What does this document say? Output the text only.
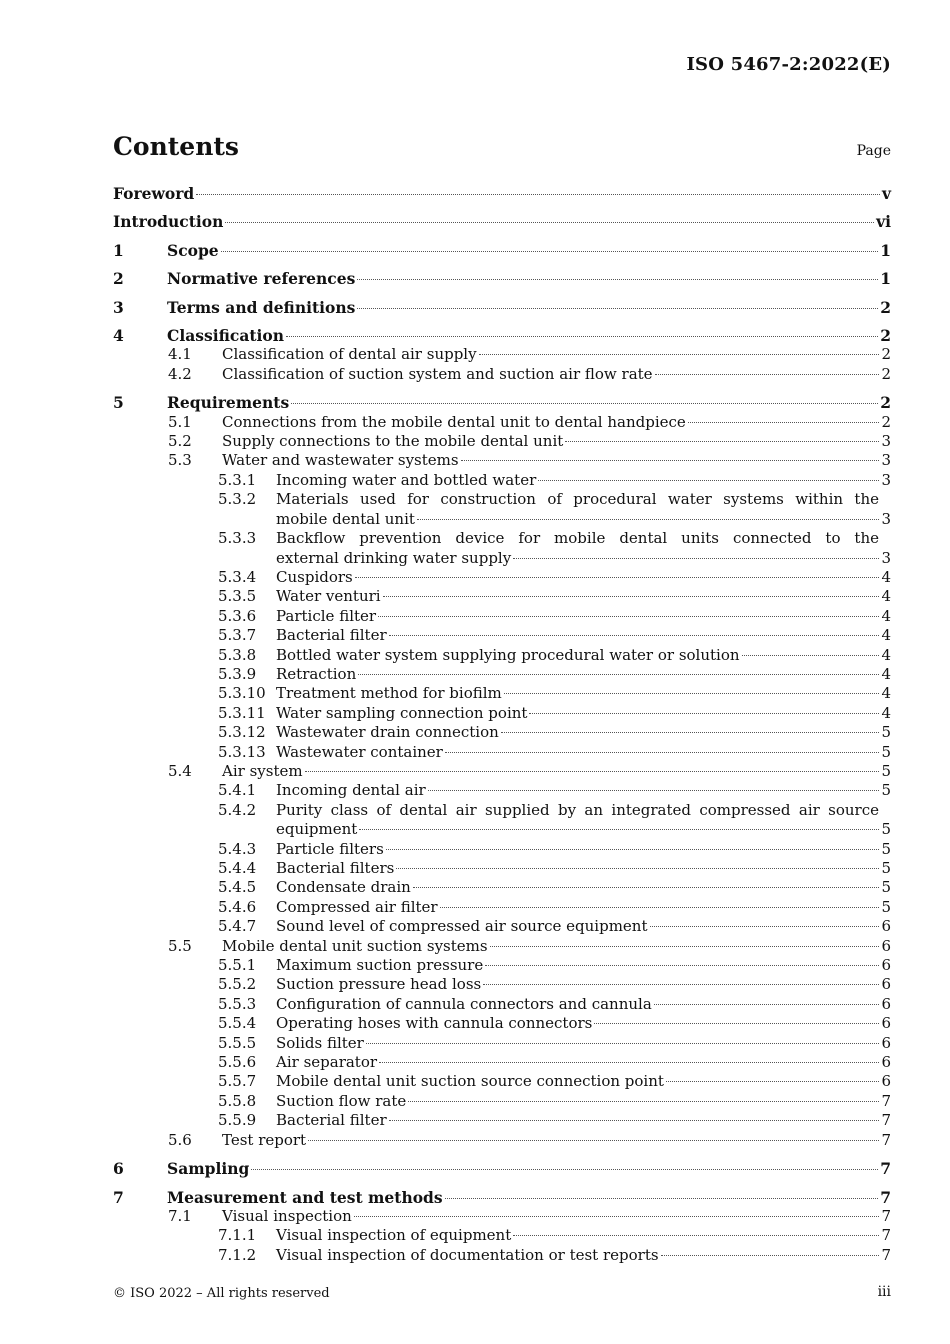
ISO 5467-2:2022(E)
Contents	Page
Foreword	v
Introduction	vi
1	Scope	1
2	Normative references	1
3	Terms and definitions	2
4	Classification	2
4.1 Classification of dental air supply	2
4.2 Classification of suction system and suction air flow rate	2
5	Requirements	2
5.1 Connections from the mobile dental unit to dental handpiece	2
5.2 Supply connections to the mobile dental unit	3
5.3 Water and wastewater systems	3
5.3.1 Incoming water and bottled water	3
5.3.2 Materials used for construction of procedural water systems within the
mobile dental unit	3
5.3.3 Backflow prevention device for mobile dental units connected to the
external drinking water supply	3
5.3.4 Cuspidors	4
5.3.5 Water venturi	4
5.3.6 Particle filter	4
5.3.7 Bacterial filter	4
5.3.8 Bottled water system supplying procedural water or solution	4
5.3.9 Retraction	4
5.3.10 Treatment method for biofilm	4
5.3.11 Water sampling connection point	4
5.3.12 Wastewater drain connection	5
5.3.13 Wastewater container	5
5.4 Air system	5
5.4.1 Incoming dental air	5
5.4.2 Purity class of dental air supplied by an integrated compressed air source
equipment	5
5.4.3 Particle filters	5
5.4.4 Bacterial filters	5
5.4.5 Condensate drain	5
5.4.6 Compressed air filter	5
5.4.7 Sound level of compressed air source equipment	6
5.5 Mobile dental unit suction systems	6
5.5.1 Maximum suction pressure	6
5.5.2 Suction pressure head loss	6
5.5.3 Configuration of cannula connectors and cannula	6
5.5.4 Operating hoses with cannula connectors	6
5.5.5 Solids filter	6
5.5.6 Air separator	6
5.5.7 Mobile dental unit suction source connection point	6
5.5.8 Suction flow rate	7
5.5.9 Bacterial filter	7
5.6 Test report	7
6	Sampling	7
7	Measurement and test methods	7
7.1 Visual inspection	7
7.1.1 Visual inspection of equipment	7
7.1.2 Visual inspection of documentation or test reports	7
© ISO 2022 – All rights reserved	iii
